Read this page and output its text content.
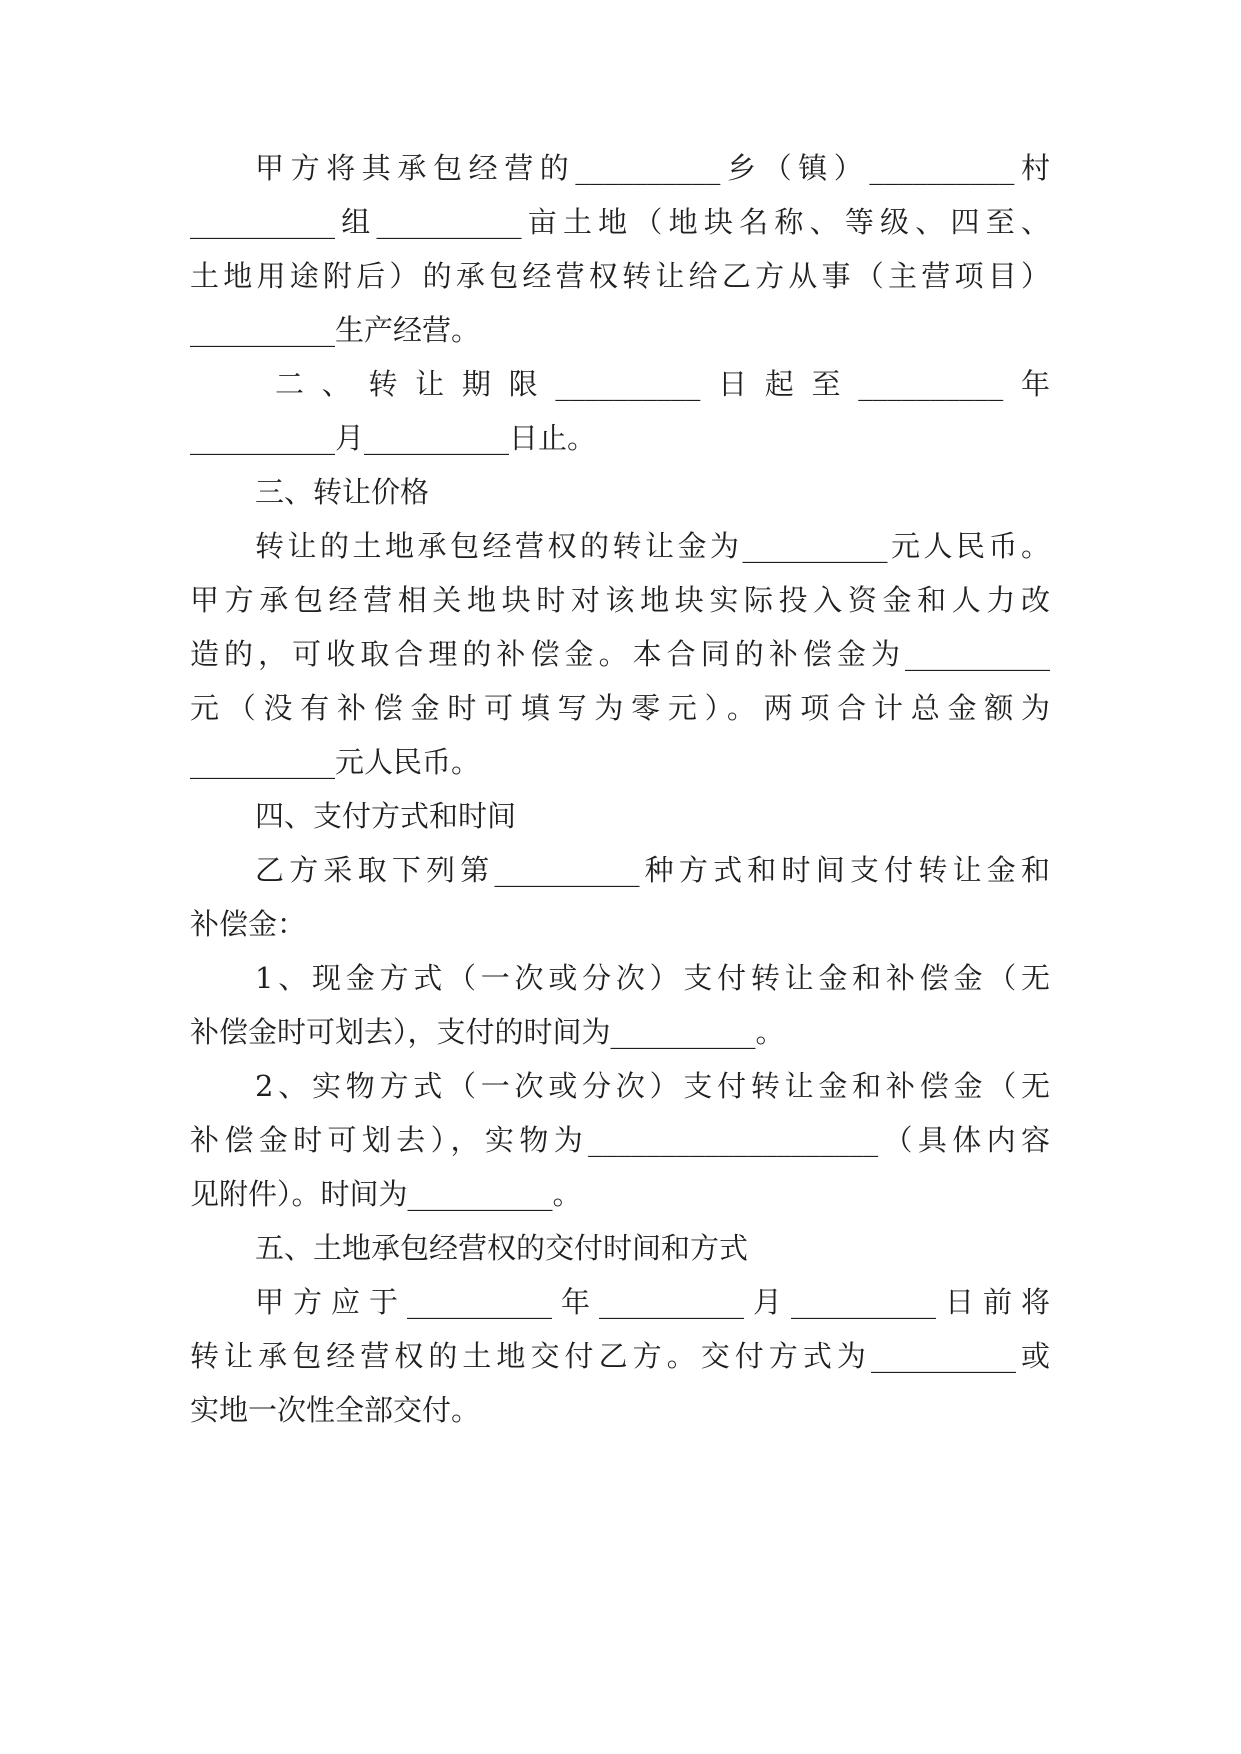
甲方将其承包经营的__________乡（镇）__________村
__________组__________亩土地（地块名称、等级、四至、
土地用途附后）的承包经营权转让给乙方从事（主营项目）
__________生产经营。
二、转让期限__________日起至__________年
__________月__________日止。
三、转让价格
转让的土地承包经营权的转让金为__________元人民币。
甲方承包经营相关地块时对该地块实际投入资金和人力改
造的，可收取合理的补偿金。本合同的补偿金为__________
元（没有补偿金时可填写为零元）。两项合计总金额为
__________元人民币。
四、支付方式和时间
乙方采取下列第__________种方式和时间支付转让金和
补偿金：
1、现金方式（一次或分次）支付转让金和补偿金（无
补偿金时可划去），支付的时间为__________。
2、实物方式（一次或分次）支付转让金和补偿金（无
补偿金时可划去），实物为____________________（具体内容
见附件）。时间为__________。
五、土地承包经营权的交付时间和方式
甲方应于__________年__________月__________日前将
转让承包经营权的土地交付乙方。交付方式为__________或
实地一次性全部交付。
